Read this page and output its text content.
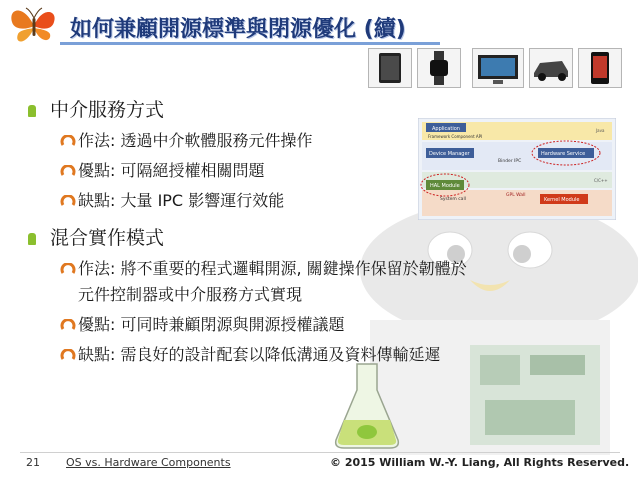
如何兼顧開源標準與閉源優化 (續)
Application
Framework Component API
Device Manager	Hardware Service
Binder IPC
HAL Module
System call	Kernel Module
GPL Wall
Java
C/C++
中介服務方式
作法: 透過中介軟體服務元件操作
優點: 可隔絕授權相關問題
缺點: 大量 IPC 影響運行效能
混合實作模式
作法: 將不重要的程式邏輯開源, 關鍵操作保留於韌體於
元件控制器或中介服務方式實現
優點: 可同時兼顧閉源與開源授權議題
缺點: 需良好的設計配套以降低溝通及資料傳輸延遲
21 OS vs. Hardware Components	© 2015 William W.-Y. Liang, All Rights Reserved.
